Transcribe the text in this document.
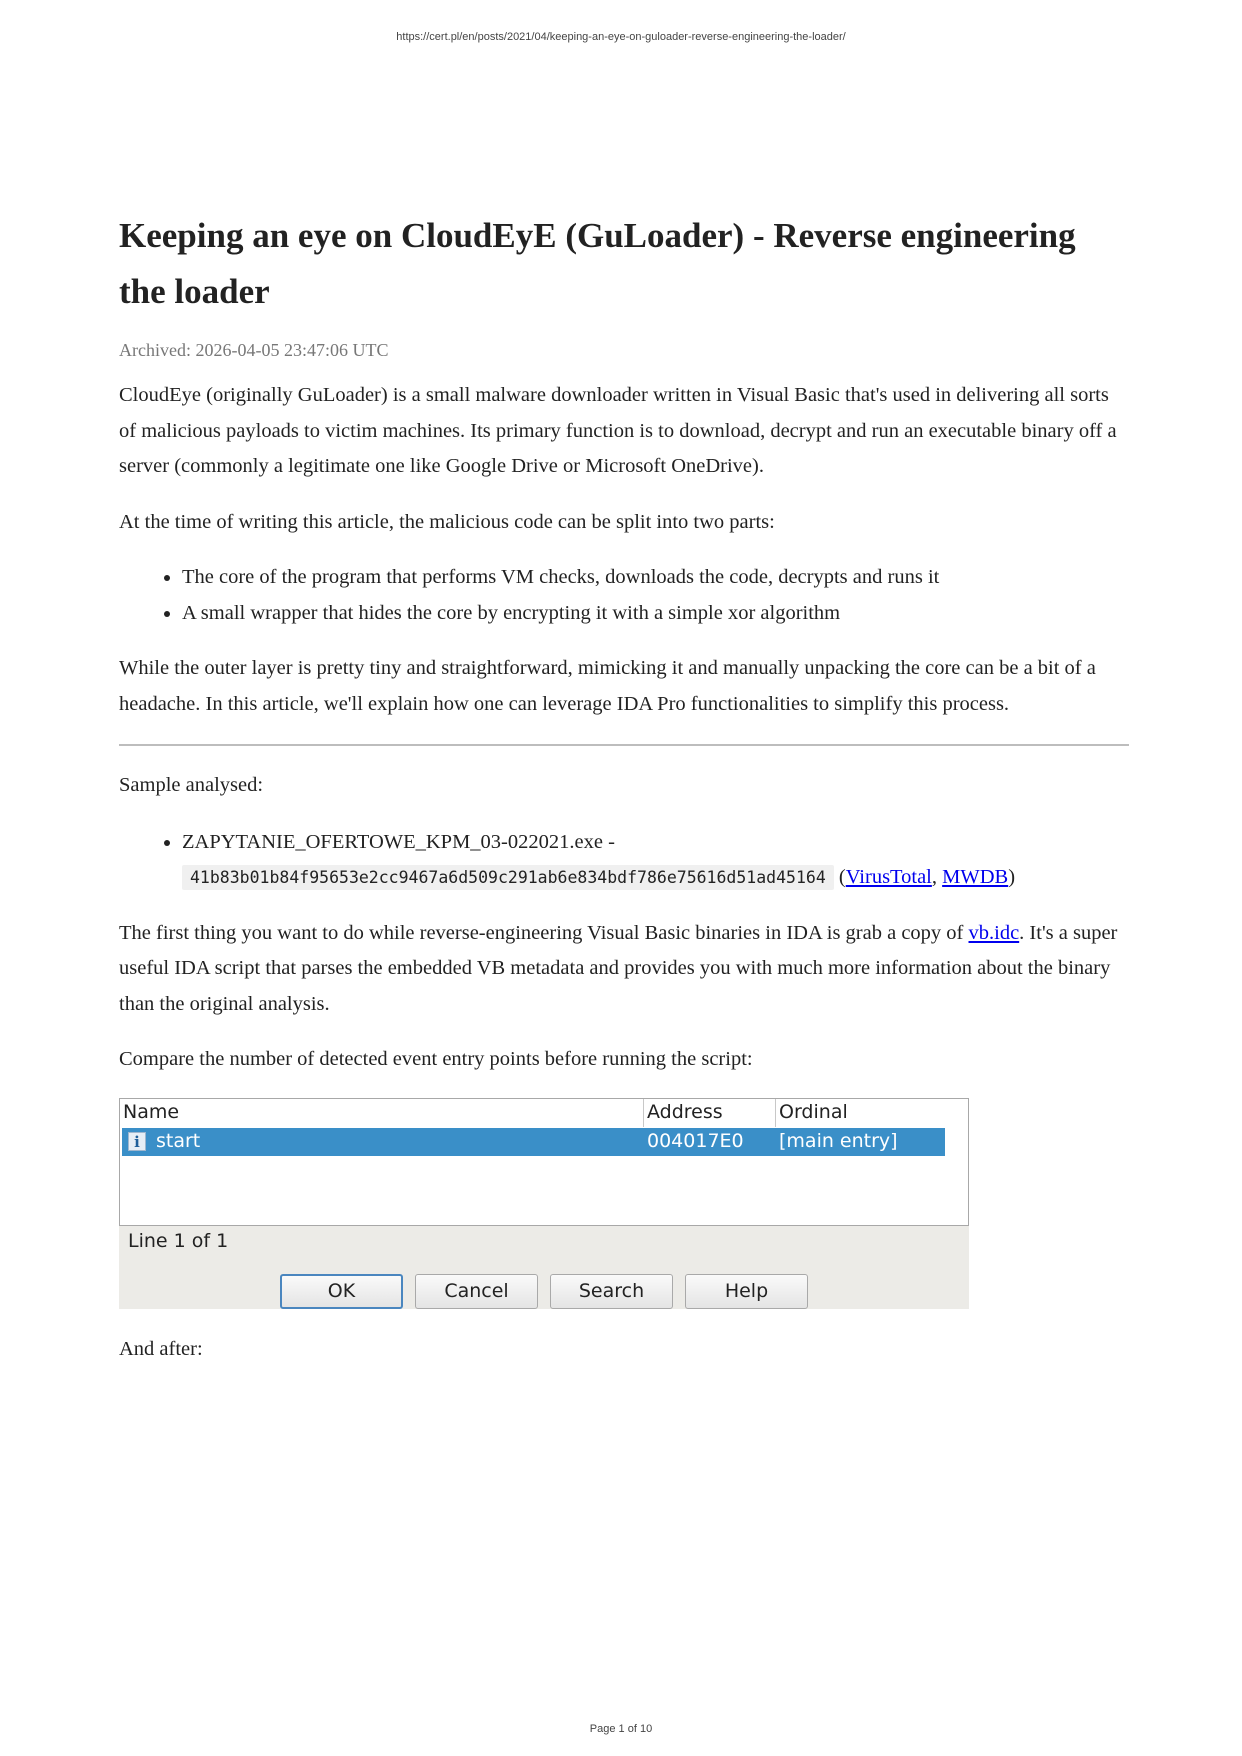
https://cert.pl/en/posts/2021/04/keeping-an-eye-on-guloader-reverse-engineering-the-loader/
Keeping an eye on CloudEyE (GuLoader) - Reverse engineering
the loader
Archived: 2026-04-05 23:47:06 UTC

CloudEye (originally GuLoader) is a small malware downloader written in Visual Basic that's used in delivering all sorts of malicious payloads to victim machines. Its primary function is to download, decrypt and run an executable binary off a server (commonly a legitimate one like Google Drive or Microsoft OneDrive).

At the time of writing this article, the malicious code can be split into two parts:

• The core of the program that performs VM checks, downloads the code, decrypts and runs it
• A small wrapper that hides the core by encrypting it with a simple xor algorithm

While the outer layer is pretty tiny and straightforward, mimicking it and manually unpacking the core can be a bit of a headache. In this article, we'll explain how one can leverage IDA Pro functionalities to simplify this process.

Sample analysed:

• ZAPYTANIE_OFERTOWE_KPM_03-022021.exe -
41b83b01b84f95653e2cc9467a6d509c291ab6e834bdf786e75616d51ad45164 (VirusTotal, MWDB)

The first thing you want to do while reverse-engineering Visual Basic binaries in IDA is grab a copy of vb.idc. It's a super useful IDA script that parses the embedded VB metadata and provides you with much more information about the binary than the original analysis.

Compare the number of detected event entry points before running the script:

Name	Address	Ordinal
i start	004017E0 [main entry]
Line 1 of 1
OK	Cancel	Search	Help

And after:

Page 1 of 10
